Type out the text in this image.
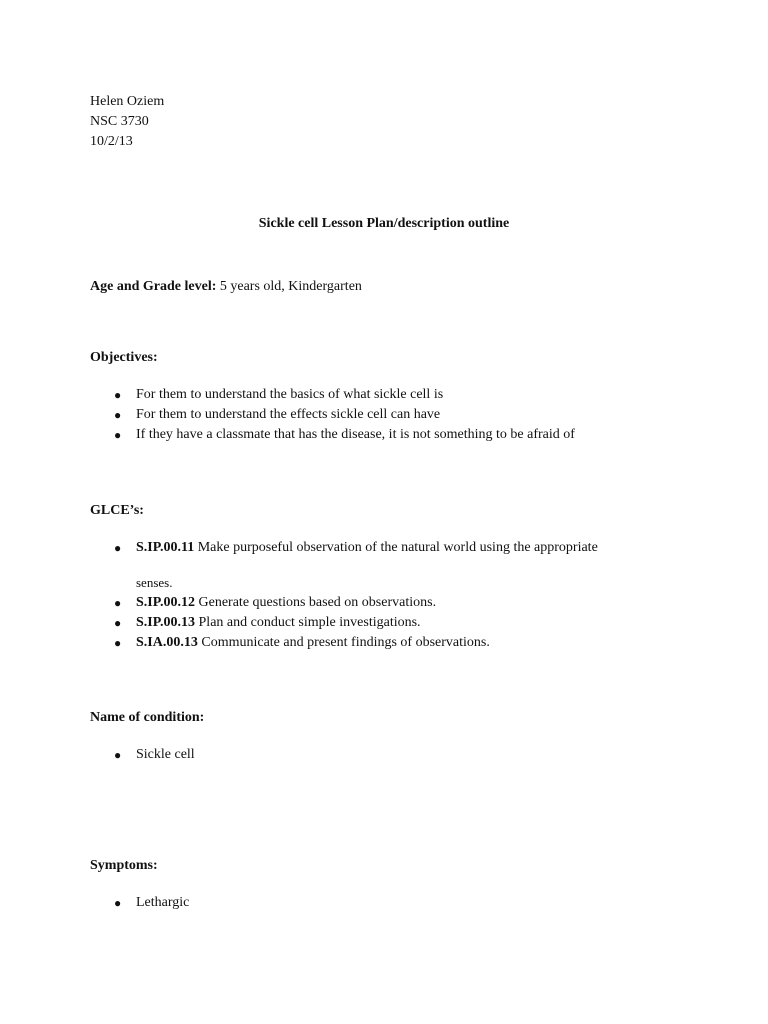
Helen Oziem
NSC 3730
10/2/13
Sickle cell Lesson Plan/description outline
Age and Grade level: 5 years old, Kindergarten
Objectives:
● For them to understand the basics of what sickle cell is
● For them to understand the effects sickle cell can have
● If they have a classmate that has the disease, it is not something to be afraid of
GLCE’s:
● S.IP.00.11 Make purposeful observation of the natural world using the appropriate
senses.
● S.IP.00.12 Generate questions based on observations.
● S.IP.00.13 Plan and conduct simple investigations.
● S.IA.00.13 Communicate and present findings of observations.
Name of condition:
● Sickle cell
Symptoms:
● Lethargic
